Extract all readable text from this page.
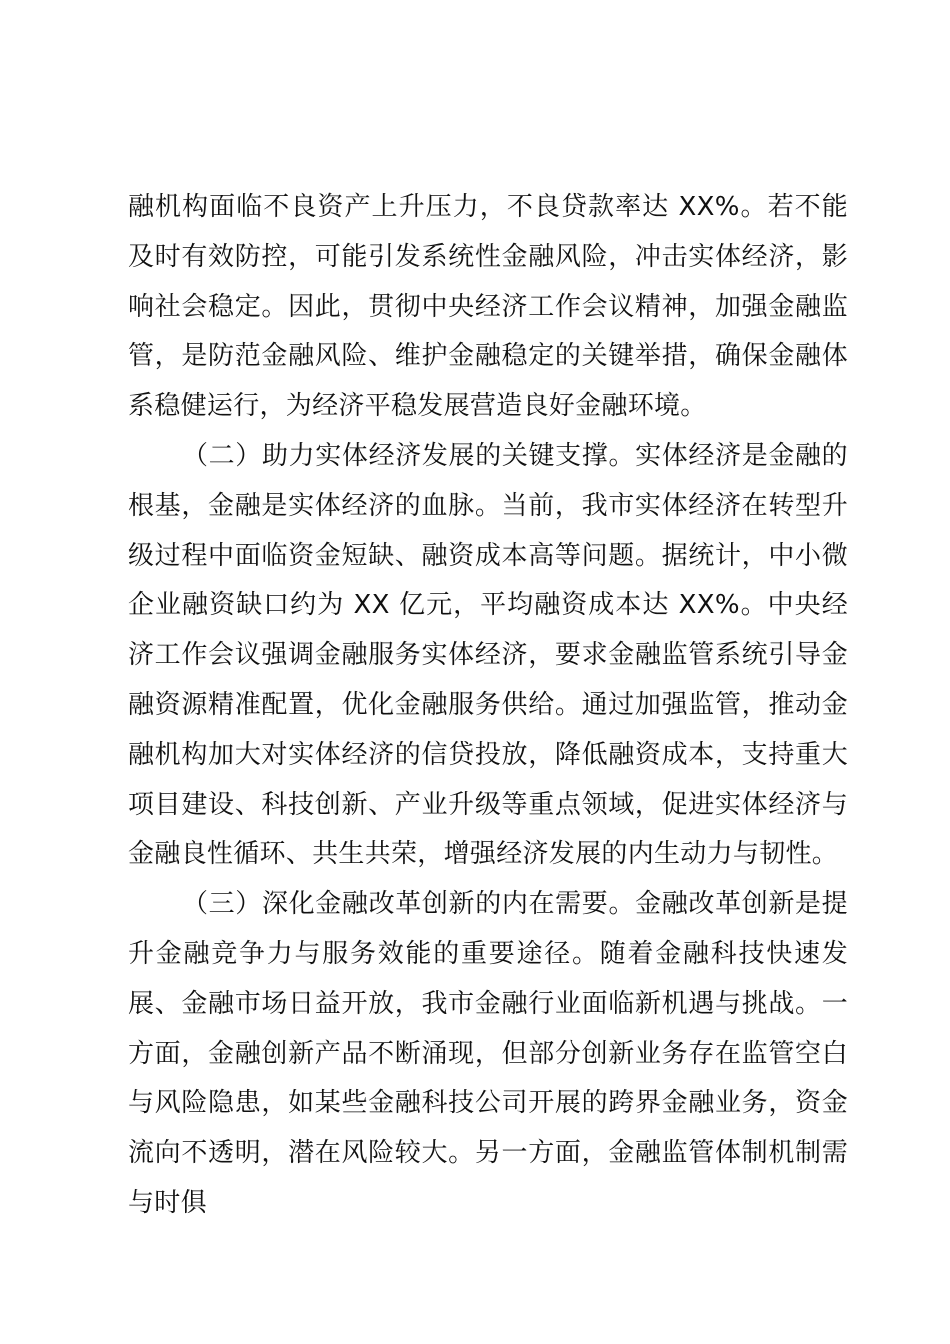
融机构面临不良资产上升压力，不良贷款率达 XX%。若不能及时有效防控，可能引发系统性金融风险，冲击实体经济，影响社会稳定。因此，贯彻中央经济工作会议精神，加强金融监管，是防范金融风险、维护金融稳定的关键举措，确保金融体系稳健运行，为经济平稳发展营造良好金融环境。

（二）助力实体经济发展的关键支撑。实体经济是金融的根基，金融是实体经济的血脉。当前，我市实体经济在转型升级过程中面临资金短缺、融资成本高等问题。据统计，中小微企业融资缺口约为 XX 亿元，平均融资成本达 XX%。中央经济工作会议强调金融服务实体经济，要求金融监管系统引导金融资源精准配置，优化金融服务供给。通过加强监管，推动金融机构加大对实体经济的信贷投放，降低融资成本，支持重大项目建设、科技创新、产业升级等重点领域，促进实体经济与金融良性循环、共生共荣，增强经济发展的内生动力与韧性。

（三）深化金融改革创新的内在需要。金融改革创新是提升金融竞争力与服务效能的重要途径。随着金融科技快速发展、金融市场日益开放，我市金融行业面临新机遇与挑战。一方面，金融创新产品不断涌现，但部分创新业务存在监管空白与风险隐患，如某些金融科技公司开展的跨界金融业务，资金流向不透明，潜在风险较大。另一方面，金融监管体制机制需与时俱
